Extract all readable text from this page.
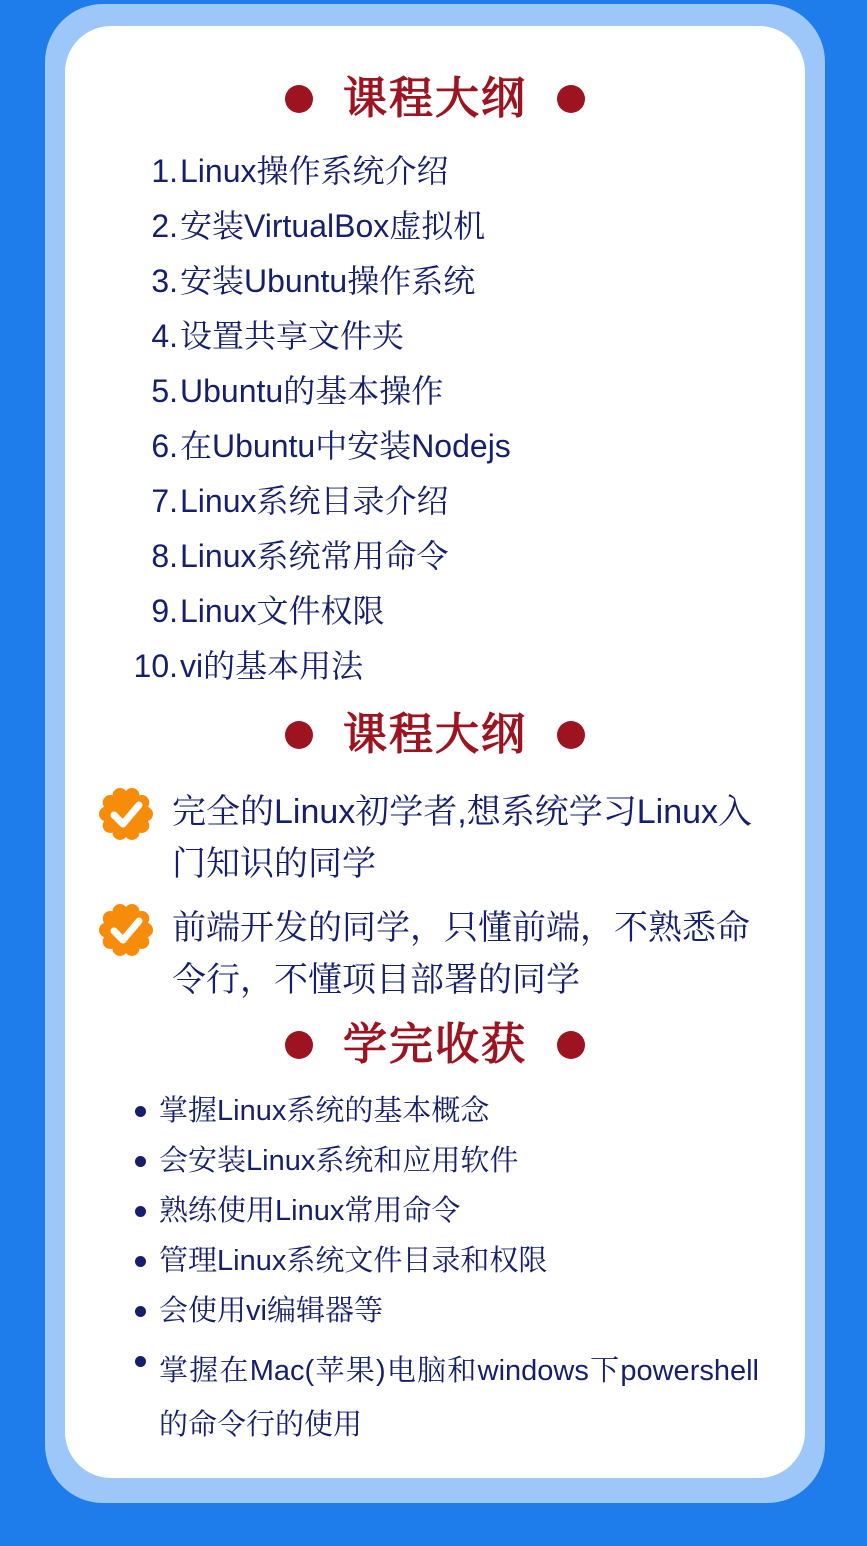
课程大纲
1. Linux操作系统介绍
2. 安装VirtualBox虚拟机
3. 安装Ubuntu操作系统
4. 设置共享文件夹
5. Ubuntu的基本操作
6. 在Ubuntu中安装Nodejs
7. Linux系统目录介绍
8. Linux系统常用命令
9. Linux文件权限
10. vi的基本用法
课程大纲
完全的Linux初学者,想系统学习Linux入门知识的同学
前端开发的同学，只懂前端，不熟悉命令行，不懂项目部署的同学
学完收获
掌握Linux系统的基本概念
会安装Linux系统和应用软件
熟练使用Linux常用命令
管理Linux系统文件目录和权限
会使用vi编辑器等
掌握在Mac(苹果)电脑和windows下powershell的命令行的使用
